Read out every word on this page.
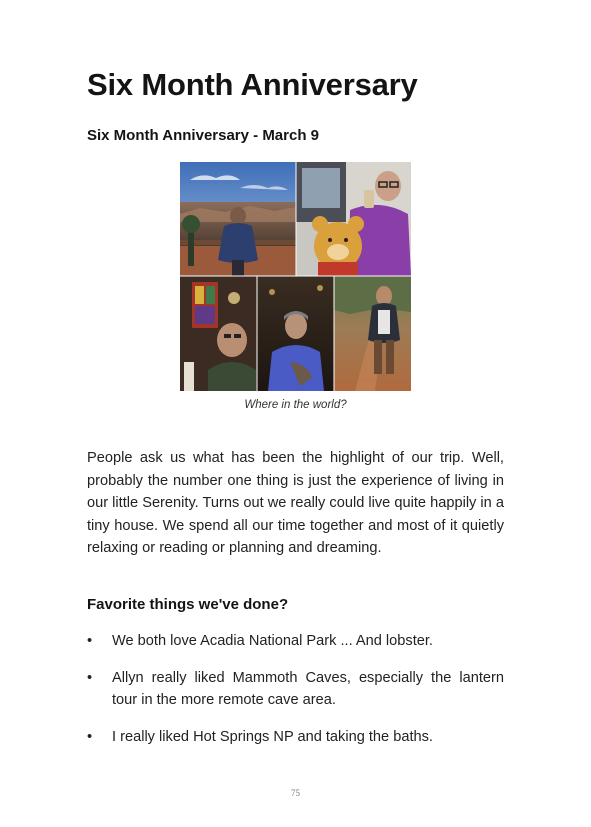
Six Month Anniversary
Six Month Anniversary - March 9
Where in the world?

People ask us what has been the highlight of our trip. Well, probably the number one thing is just the experience of living in our little Serenity. Turns out we really could live quite happily in a tiny house. We spend all our time together and most of it quietly relaxing or reading or planning and dreaming.

Favorite things we've done?
• We both love Acadia National Park ... And lobster.
• Allyn really liked Mammoth Caves, especially the lantern tour in the more remote cave area.
• I really liked Hot Springs NP and taking the baths.
75
